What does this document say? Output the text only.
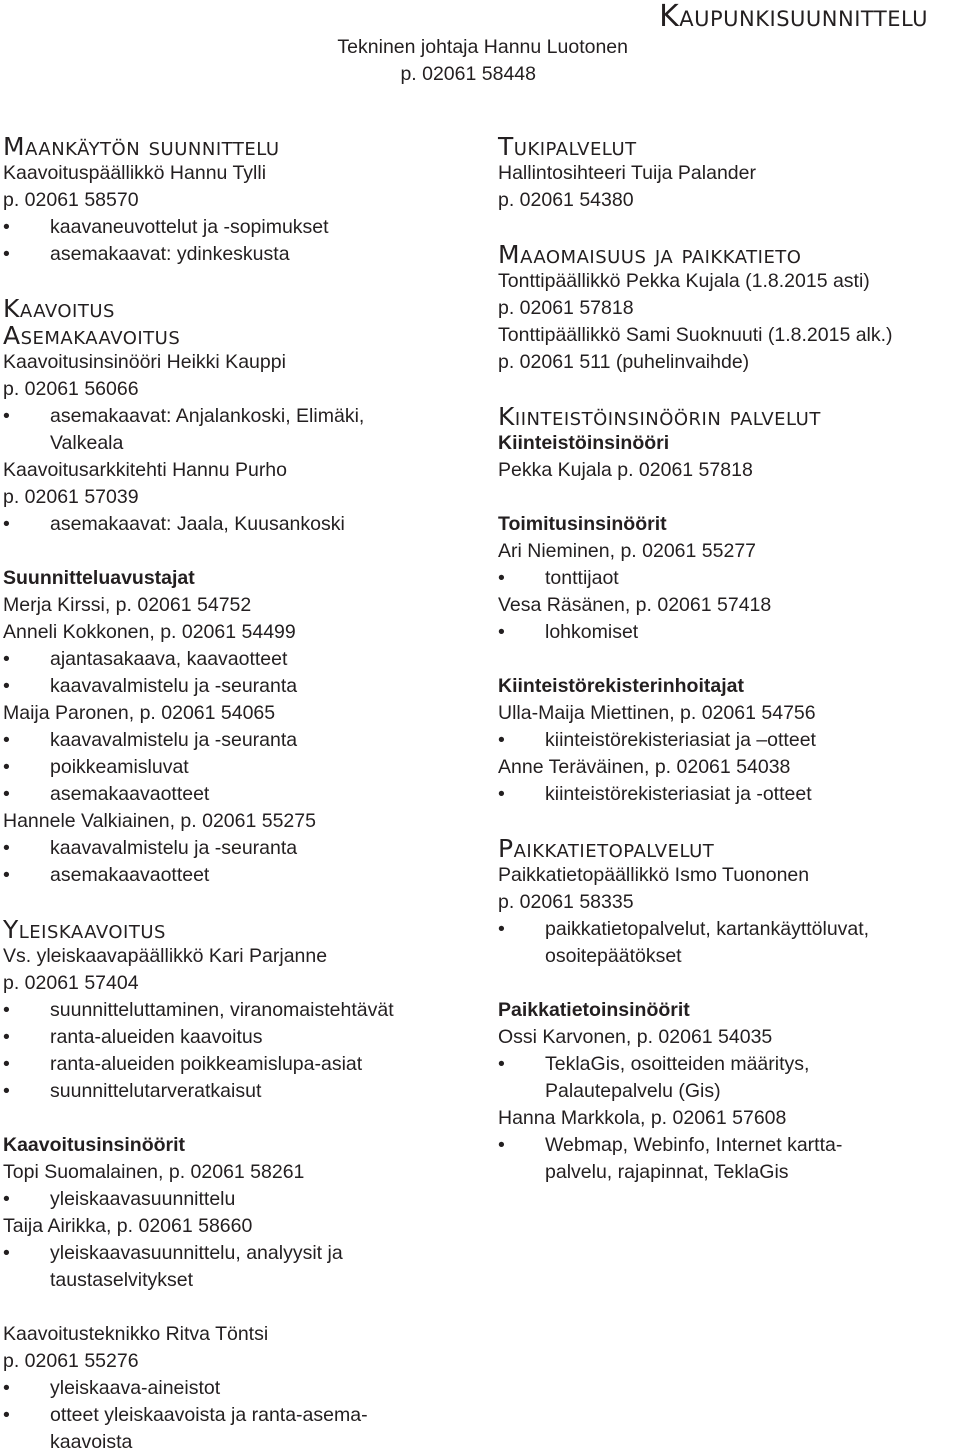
Kaupunkisuunnittelu
Tekninen johtaja Hannu Luotonen
p. 02061 58448
Maankäytön suunnittelu
Kaavoituspäällikkö Hannu Tylli
p. 02061 58570
• kaavaneuvottelut ja -sopimukset
• asemakaavat: ydinkeskusta
Kaavoitus
Asemakaavoitus
Kaavoitusinsinööri Heikki Kauppi
p. 02061 56066
• asemakaavat: Anjalankoski, Elimäki,
Valkeala
Kaavoitusarkkitehti Hannu Purho
p. 02061 57039
• asemakaavat: Jaala, Kuusankoski
Suunnitteluavustajat
Merja Kirssi, p. 02061 54752
Anneli Kokkonen, p. 02061 54499
• ajantasakaava, kaavaotteet
• kaavavalmistelu ja -seuranta
Maija Paronen, p. 02061 54065
• kaavavalmistelu ja -seuranta
• poikkeamisluvat
• asemakaavaotteet
Hannele Valkiainen, p. 02061 55275
• kaavavalmistelu ja -seuranta
• asemakaavaotteet
Yleiskaavoitus
Vs. yleiskaavapäällikkö Kari Parjanne
p. 02061 57404
• suunnitteluttaminen, viranomaistehtävät
• ranta-alueiden kaavoitus
• ranta-alueiden poikkeamislupa-asiat
• suunnittelutarveratkaisut
Kaavoitusinsinöörit
Topi Suomalainen, p. 02061 58261
• yleiskaavasuunnittelu
Taija Airikka, p. 02061 58660
• yleiskaavasuunnittelu, analyysit ja
taustaselvitykset
Kaavoitusteknikko Ritva Töntsi
p. 02061 55276
• yleiskaava-aineistot
• otteet yleiskaavoista ja ranta-asema-
kaavoista
Tukipalvelut
Hallintosihteeri Tuija Palander
p. 02061 54380
Maaomaisuus ja paikkatieto
Tonttipäällikkö Pekka Kujala (1.8.2015 asti)
p. 02061 57818
Tonttipäällikkö Sami Suoknuuti (1.8.2015 alk.)
p. 02061 511 (puhelinvaihde)
Kiinteistöinsinöörin palvelut
Kiinteistöinsinööri
Pekka Kujala p. 02061 57818
Toimitusinsinöörit
Ari Nieminen, p. 02061 55277
• tonttijaot
Vesa Räsänen, p. 02061 57418
• lohkomiset
Kiinteistörekisterinhoitajat
Ulla-Maija Miettinen, p. 02061 54756
• kiinteistörekisteriasiat ja –otteet
Anne Teräväinen, p. 02061 54038
• kiinteistörekisteriasiat ja -otteet
Paikkatietopalvelut
Paikkatietopäällikkö Ismo Tuononen
p. 02061 58335
• paikkatietopalvelut, kartankäyttöluvat,
osoitepäätökset
Paikkatietoinsinöörit
Ossi Karvonen, p. 02061 54035
• TeklaGis, osoitteiden määritys,
Palautepalvelu (Gis)
Hanna Markkola, p. 02061 57608
• Webmap, Webinfo, Internet kartta-
palvelu, rajapinnat, TeklaGis
